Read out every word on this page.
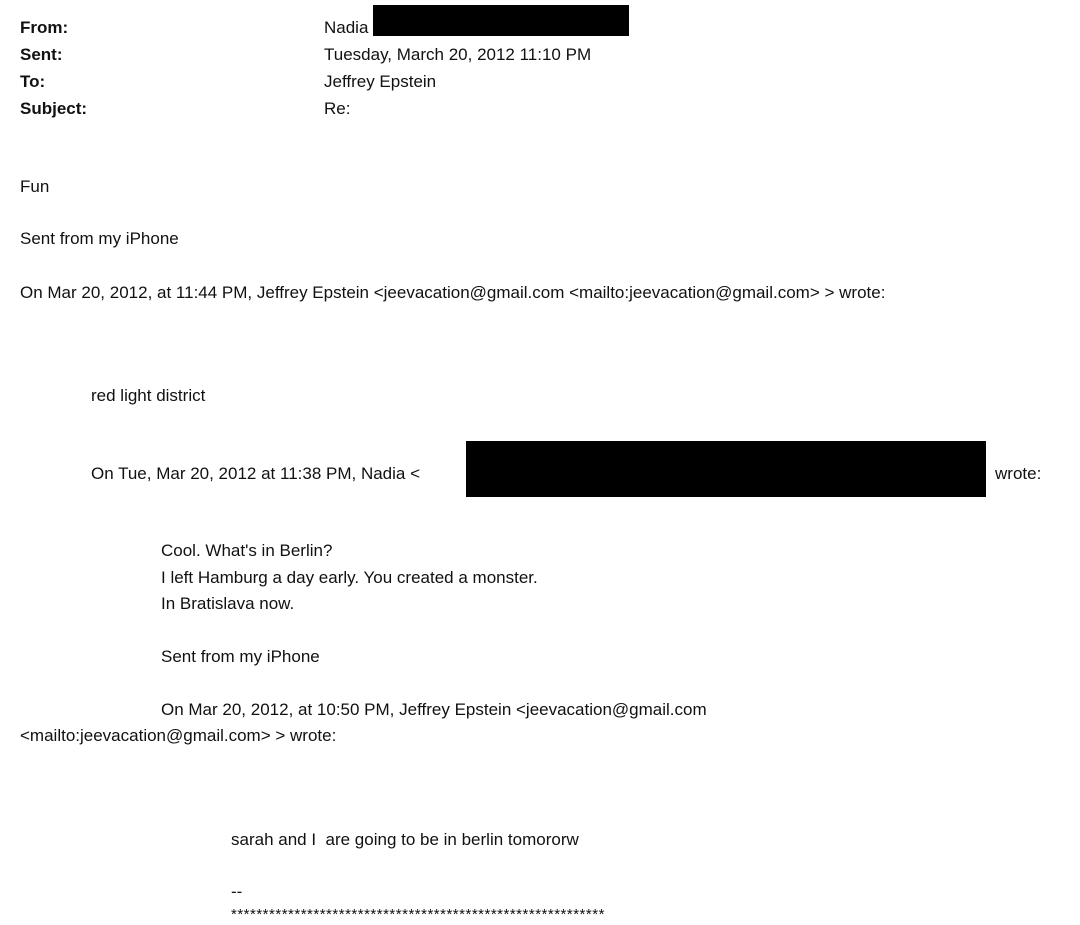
From:	Nadia
Sent:	Tuesday, March 20, 2012 11:10 PM
To:	Jeffrey Epstein
Subject:	Re:
Fun
Sent from my iPhone
On Mar 20, 2012, at 11:44 PM, Jeffrey Epstein <jeevacation@gmail.com <mailto:jeevacation@gmail.com> > wrote:
red light district
On Tue, Mar 20, 2012 at 11:38 PM, Nadia <	wrote:
Cool. What's in Berlin?
I left Hamburg a day early. You created a monster.
In Bratislava now.
Sent from my iPhone
On Mar 20, 2012, at 10:50 PM, Jeffrey Epstein <jeevacation@gmail.com
<mailto:jeevacation@gmail.com> > wrote:
sarah and I  are going to be in berlin tomororw
--
***********************************************************
